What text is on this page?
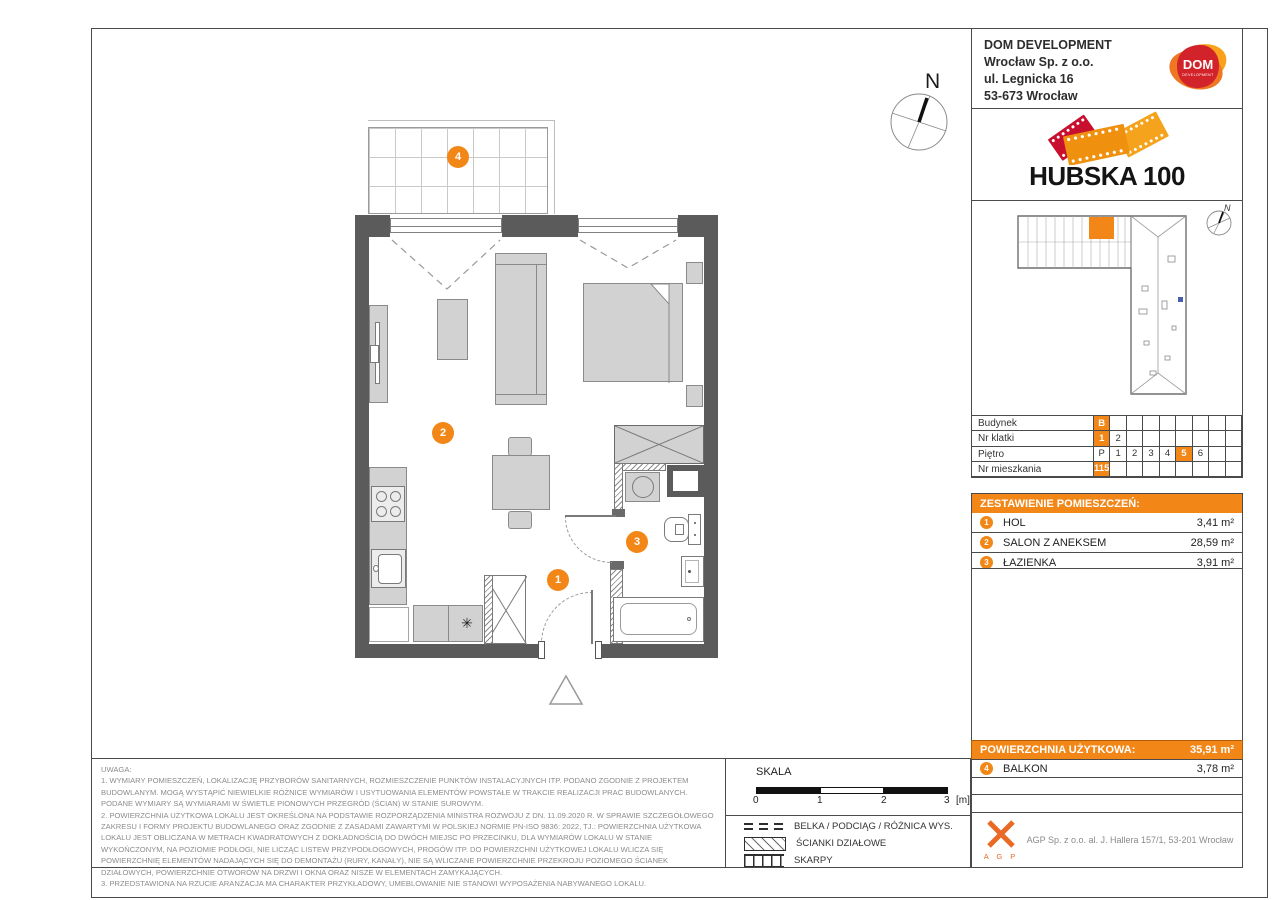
N
✳
1
2
3
4
DOM DEVELOPMENT
Wrocław Sp. z o.o.
ul. Legnicka 16
53-673 Wrocław
DOM
DEVELOPMENT
HUBSKA 100
N
Budynek	B
Nr klatki	1	2
Piętro	P	1	2	3	4	5	6
Nr mieszkania	115
ZESTAWIENIE POMIESZCZEŃ:
1	HOL	3,41 m²
2	SALON Z ANEKSEM	28,59 m²
3	ŁAZIENKA	3,91 m²
POWIERZCHNIA UŻYTKOWA:	35,91 m²
4	BALKON	3,78 m²
A G P
AGP Sp. z o.o. al. J. Hallera 157/1, 53-201 Wrocław
UWAGA:
1. WYMIARY POMIESZCZEŃ, LOKALIZACJĘ PRZYBORÓW SANITARNYCH, ROZMIESZCZENIE PUNKTÓW INSTALACYJNYCH ITP. PODANO ZGODNIE Z PROJEKTEM BUDOWLANYM. MOGĄ WYSTĄPIĆ NIEWIELKIE RÓŻNICE WYMIARÓW I USYTUOWANIA ELEMENTÓW POWSTAŁE W TRAKCIE REALIZACJI PRAC BUDOWLANYCH. PODANE WYMIARY SĄ WYMIARAMI W ŚWIETLE PIONOWYCH PRZEGRÓD (ŚCIAN) W STANIE SUROWYM.
2. POWIERZCHNIA UŻYTKOWA LOKALU JEST OKREŚLONA NA PODSTAWIE ROZPORZĄDZENIA MINISTRA ROZWOJU Z DN. 11.09.2020 R. W SPRAWIE SZCZEGÓŁOWEGO ZAKRESU I FORMY PROJEKTU BUDOWLANEGO ORAZ ZGODNIE Z ZASADAMI ZAWARTYMI W POLSKIEJ NORMIE PN-ISO 9836: 2022, TJ.: POWIERZCHNIA UŻYTKOWA LOKALU JEST OBLICZANA W METRACH KWADRATOWYCH Z DOKŁADNOŚCIĄ DO DWÓCH MIEJSC PO PRZECINKU, DLA WYMIARÓW LOKALU W STANIE WYKOŃCZONYM, NA POZIOMIE PODŁOGI, NIE LICZĄC LISTEW PRZYPODŁOGOWYCH, PROGÓW ITP. DO POWIERZCHNI UŻYTKOWEJ LOKALU WLICZA SIĘ POWIERZCHNIĘ ELEMENTÓW NADAJĄCYCH SIĘ DO DEMONTAŻU (RURY, KANAŁY), NIE SĄ WLICZANE POWIERZCHNIE PRZEKROJU POZIOMEGO ŚCIANEK DZIAŁOWYCH, POWIERZCHNIE OTWORÓW NA DRZWI I OKNA ORAZ NISZE W ELEMENTACH ZAMYKAJĄCYCH.
3. PRZEDSTAWIONA NA RZUCIE ARANŻACJA MA CHARAKTER PRZYKŁADOWY, UMEBLOWANIE NIE STANOWI WYPOSAŻENIA NABYWANEGO LOKALU.
SKALA
0	1	2	3 [m]
BELKA / PODCIĄG / RÓŻNICA WYS.
ŚCIANKI DZIAŁOWE
SKARPY
